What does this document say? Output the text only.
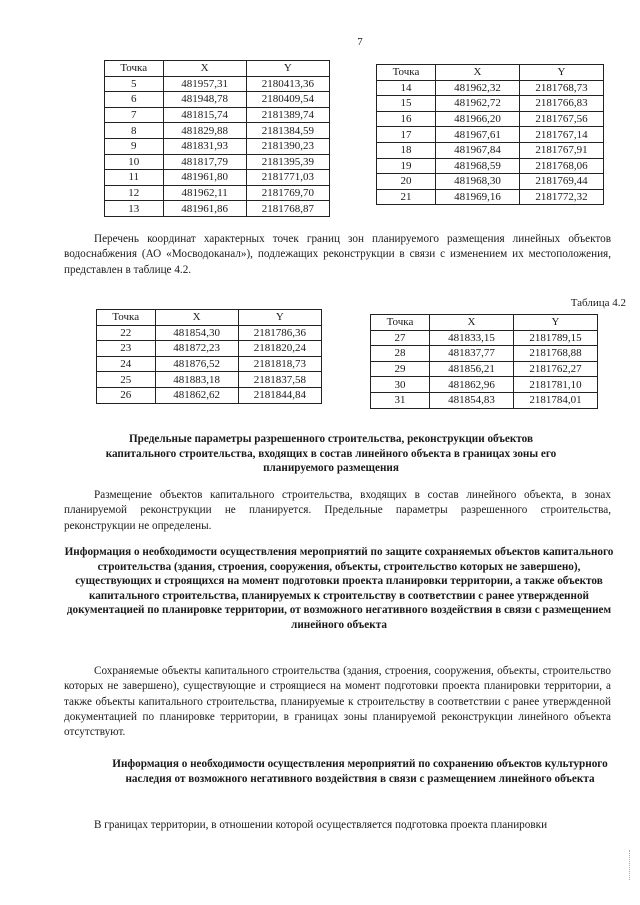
7
Точка	X	Y
5	481957,31	2180413,36
6	481948,78	2180409,54
7	481815,74	2181389,74
8	481829,88	2181384,59
9	481831,93	2181390,23
10	481817,79	2181395,39
11	481961,80	2181771,03
12	481962,11	2181769,70
13	481961,86	2181768,87
Точка	X	Y
14	481962,32	2181768,73
15	481962,72	2181766,83
16	481966,20	2181767,56
17	481967,61	2181767,14
18	481967,84	2181767,91
19	481968,59	2181768,06
20	481968,30	2181769,44
21	481969,16	2181772,32
Перечень координат характерных точек границ зон планируемого размещения линейных объектов водоснабжения (АО «Мосводоканал»), подлежащих реконструкции в связи с изменением их местоположения, представлен в таблице 4.2.
Таблица 4.2
Точка	X	Y
22	481854,30	2181786,36
23	481872,23	2181820,24
24	481876,52	2181818,73
25	481883,18	2181837,58
26	481862,62	2181844,84
Точка	X	Y
27	481833,15	2181789,15
28	481837,77	2181768,88
29	481856,21	2181762,27
30	481862,96	2181781,10
31	481854,83	2181784,01
Предельные параметры разрешенного строительства, реконструкции объектов капитального строительства, входящих в состав линейного объекта в границах зоны его планируемого размещения
Размещение объектов капитального строительства, входящих в состав линейного объекта, в зонах планируемой реконструкции не планируется. Предельные параметры разрешенного строительства, реконструкции не определены.
Информация о необходимости осуществления мероприятий по защите сохраняемых объектов капитального строительства (здания, строения, сооружения, объекты, строительство которых не завершено), существующих и строящихся на момент подготовки проекта планировки территории, а также объектов капитального строительства, планируемых к строительству в соответствии с ранее утвержденной документацией по планировке территории, от возможного негативного воздействия в связи с размещением линейного объекта
Сохраняемые объекты капитального строительства (здания, строения, сооружения, объекты, строительство которых не завершено), существующие и строящиеся на момент подготовки проекта планировки территории, а также объекты капитального строительства, планируемые к строительству в соответствии с ранее утвержденной документацией по планировке территории, в границах зоны планируемой реконструкции линейного объекта отсутствуют.
Информация о необходимости осуществления мероприятий по сохранению объектов культурного наследия от возможного негативного воздействия в связи с размещением линейного объекта
В границах территории, в отношении которой осуществляется подготовка проекта планировки
